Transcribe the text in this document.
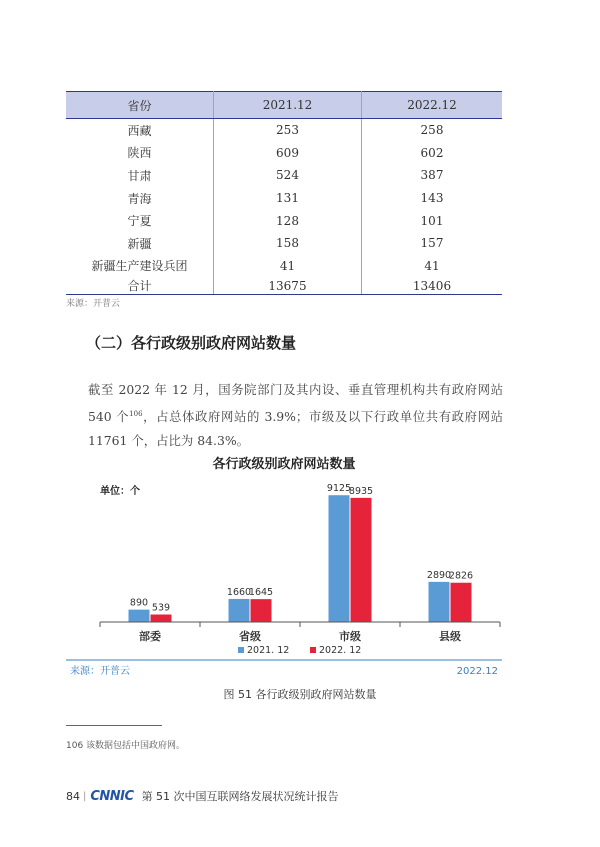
省份	2021.12	2022.12
西藏	253	258
陕西	609	602
甘肃	524	387
青海	131	143
宁夏	128	101
新疆	158	157
新疆生产建设兵团	41	41
合计	13675	13406
来源：开普云
（二）各行政级别政府网站数量
截至 2022 年 12 月，国务院部门及其内设、垂直管理机构共有政府网站 540 个$^{106}$，占总体政府网站的 3.9%；市级及以下行政单位共有政府网站 11761 个，占比为 84.3%。
各行政级别政府网站数量
单位：个
890 539
1660
1645
9125
8935
2890
2826
部委	省级	市级	县级
2021. 12	2022. 12
来源：开普云	2022.12
图 51 各行政级别政府网站数量
106 该数据包括中国政府网。
84 | CNNIC 第 51 次中国互联网络发展状况统计报告
